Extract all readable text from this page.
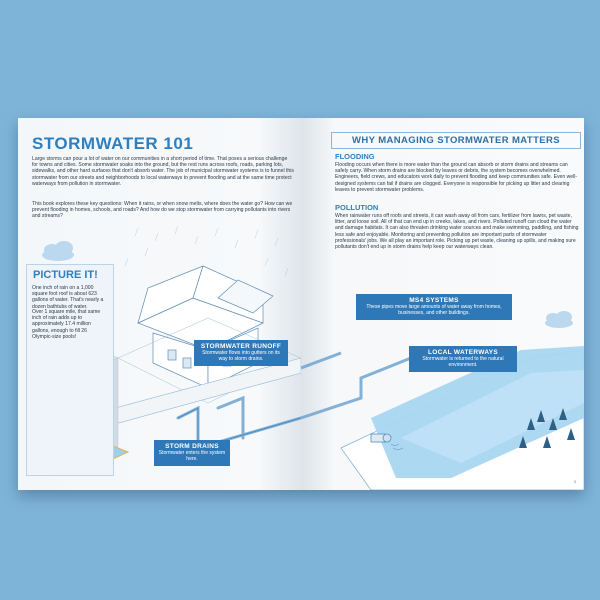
STORMWATER 101

Large storms can pour a lot of water on our communities in a short period of time. That poses a serious challenge for towns and cities. Some stormwater soaks into the ground, but the rest runs across roofs, roads, parking lots, sidewalks, and other hard surfaces that don't absorb water. The job of municipal stormwater systems is to funnel this stormwater from our streets and neighborhoods to local waterways to prevent flooding and at the same time protect waterways from pollution in stormwater.

This book explores these key questions: When it rains, or when snow melts, where does the water go? How can we prevent flooding in homes, schools, and roads? And how do we stop stormwater from carrying pollutants into rivers and streams?

STORMWATER RUNOFF
Stormwater flows into gutters on its way to storm drains.
PICTURE IT!

One inch of rain on a 1,000 square foot roof is about 623 gallons of water. That's nearly a dozen bathtubs of water.

Over 1 square mile, that same inch of rain adds up to approximately 17.4 million gallons, enough to fill 26 Olympic-size pools!

STORM DRAINS
Stormwater enters the system here.
WHY MANAGING STORMWATER MATTERS
FLOODING

Flooding occurs when there is more water than the ground can absorb or storm drains and streams can safely carry. When storm drains are blocked by leaves or debris, the system becomes overwhelmed. Engineers, field crews, and educators work daily to prevent flooding and keep communities safe. Even well-designed systems can fail if drains are clogged. Everyone is responsible for picking up litter and clearing leaves to prevent stormwater problems.

POLLUTION

When rainwater runs off roofs and streets, it can wash away oil from cars, fertilizer from lawns, pet waste, litter, and loose soil. All of that can end up in creeks, lakes, and rivers. Polluted runoff can cloud the water and damage habitats. It can also threaten drinking water sources and make swimming, paddling, and fishing less safe and enjoyable. Monitoring and preventing pollution are important parts of stormwater professionals' jobs. We all play an important role. Picking up pet waste, cleaning up spills, and making sure pollutants don't end up in storm drains help keep our waterways clean.

MS4 SYSTEMS
These pipes move large amounts of water away from homes, businesses, and other buildings.
LOCAL WATERWAYS
Stormwater is returned to the natural environment.
3
